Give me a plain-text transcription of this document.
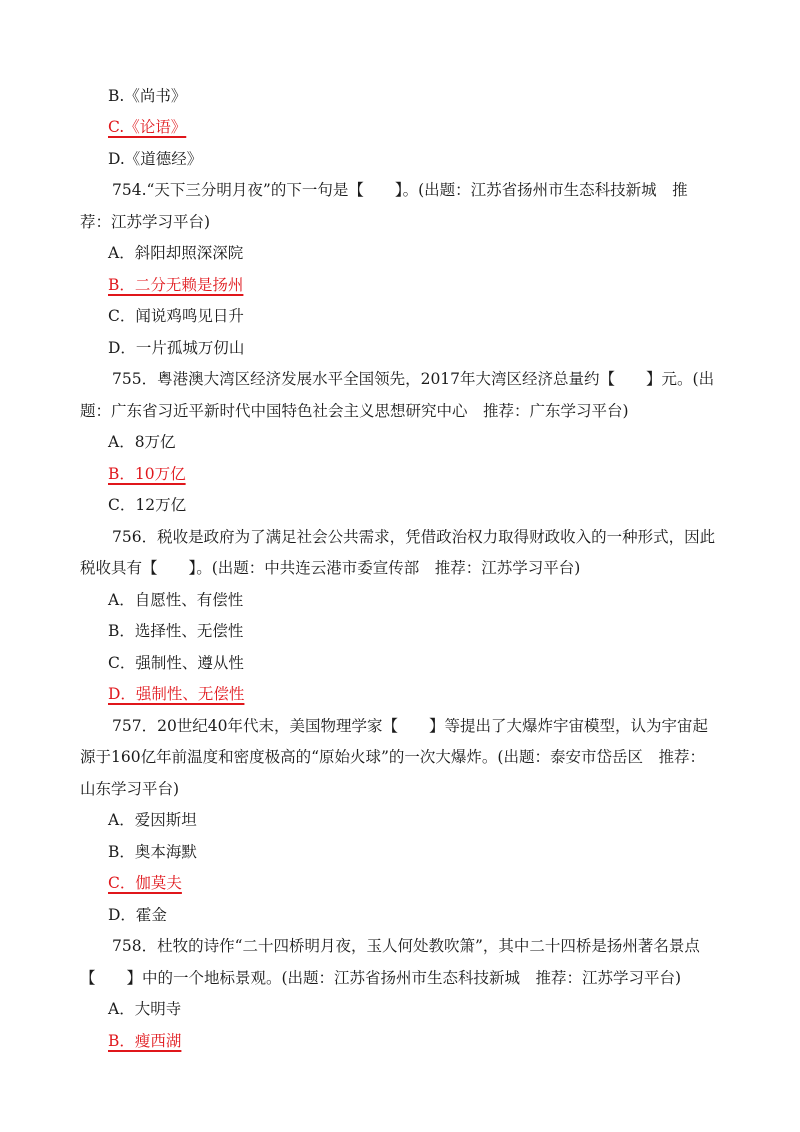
B.《尚书》
C.《论语》
D.《道德经》
754.“天下三分明月夜”的下一句是【　　】。(出题：江苏省扬州市生态科技新城　推
荐：江苏学习平台)
A．斜阳却照深深院
B．二分无赖是扬州
C．闻说鸡鸣见日升
D．一片孤城万仞山
755．粤港澳大湾区经济发展水平全国领先，2017年大湾区经济总量约【　　】元。(出
题：广东省习近平新时代中国特色社会主义思想研究中心　推荐：广东学习平台)
A．8万亿
B．10万亿
C．12万亿
756．税收是政府为了满足社会公共需求，凭借政治权力取得财政收入的一种形式，因此
税收具有【　　】。(出题：中共连云港市委宣传部　推荐：江苏学习平台)
A．自愿性、有偿性
B．选择性、无偿性
C．强制性、遵从性
D．强制性、无偿性
757．20世纪40年代末，美国物理学家【　　】等提出了大爆炸宇宙模型，认为宇宙起
源于160亿年前温度和密度极高的“原始火球”的一次大爆炸。(出题：泰安市岱岳区　推荐：
山东学习平台)
A．爱因斯坦
B．奥本海默
C．伽莫夫
D．霍金
758．杜牧的诗作“二十四桥明月夜，玉人何处教吹箫”，其中二十四桥是扬州著名景点
【　　】中的一个地标景观。(出题：江苏省扬州市生态科技新城　推荐：江苏学习平台)
A．大明寺
B．瘦西湖
